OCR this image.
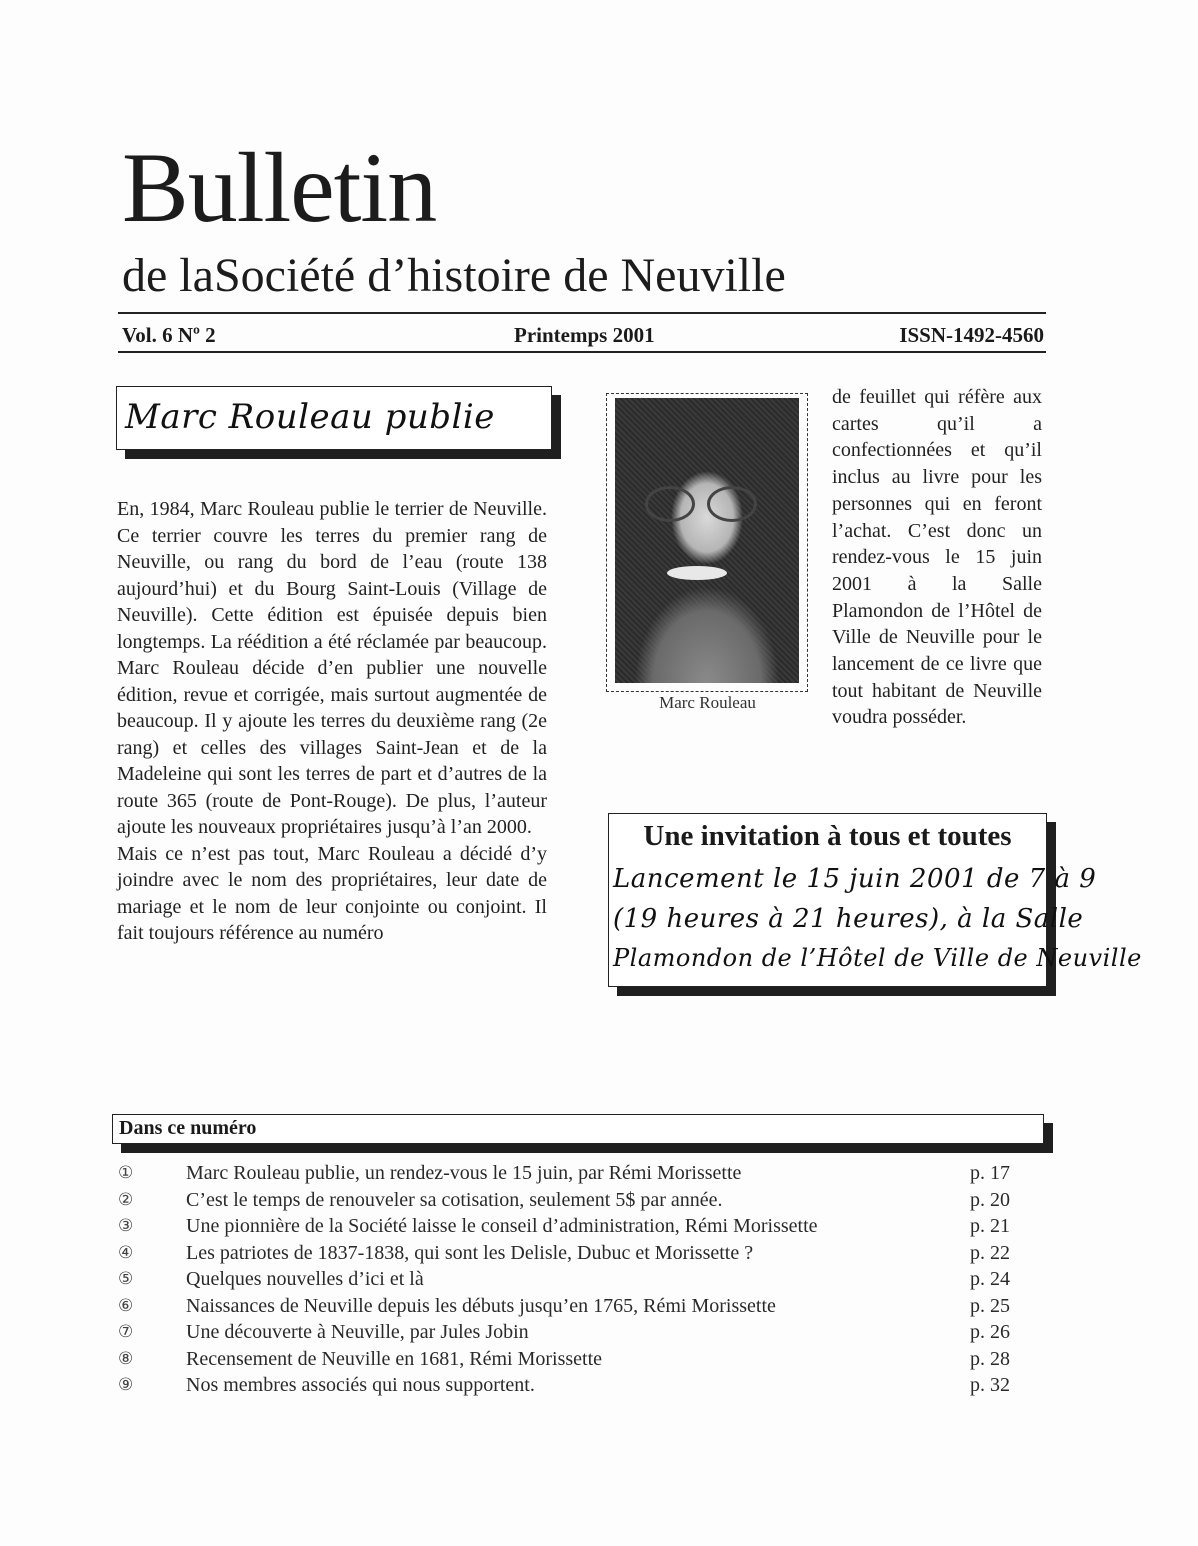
Bulletin
de laSociété d’histoire de Neuville
Vol. 6 Nº 2	Printemps 2001	ISSN-1492-4560
Marc Rouleau publie

En, 1984, Marc Rouleau publie le terrier de Neuville. Ce terrier couvre les terres du premier rang de Neuville, ou rang du bord de l’eau (route 138 aujourd’hui) et du Bourg Saint-Louis (Village de Neuville). Cette édition est épuisée depuis bien longtemps. La réédition a été réclamée par beaucoup. Marc Rouleau décide d’en publier une nouvelle édition, revue et corrigée, mais surtout augmentée de beaucoup. Il y ajoute les terres du deuxième rang (2e rang) et celles des villages Saint-Jean et de la Madeleine qui sont les terres de part et d’autres de la route 365 (route de Pont-Rouge). De plus, l’auteur ajoute les nouveaux propriétaires jusqu’à l’an 2000.

Mais ce n’est pas tout, Marc Rouleau a décidé d’y joindre avec le nom des propriétaires, leur date de mariage et le nom de leur conjointe ou conjoint. Il fait toujours référence au numéro

Marc Rouleau
de feuillet qui réfère aux cartes qu’il a confectionnées et qu’il inclus au livre pour les personnes qui en feront l’achat. C’est donc un rendez-vous le 15 juin 2001 à la Salle Plamondon de l’Hôtel de Ville de Neuville pour le lancement de ce livre que tout habitant de Neuville voudra posséder.
Une invitation à tous et toutes
Lancement le 15 juin 2001 de 7 à 9
(19 heures à 21 heures), à la Salle
Plamondon de l’Hôtel de Ville de Neuville
Dans ce numéro
①	Marc Rouleau publie, un rendez-vous le 15 juin, par Rémi Morissette	p. 17
②	C’est le temps de renouveler sa cotisation, seulement 5$ par année.	p. 20
③	Une pionnière de la Société laisse le conseil d’administration, Rémi Morissette	p. 21
④	Les patriotes de 1837-1838, qui sont les Delisle, Dubuc et Morissette ?	p. 22
⑤	Quelques nouvelles d’ici et là	p. 24
⑥	Naissances de Neuville depuis les débuts jusqu’en 1765, Rémi Morissette	p. 25
⑦	Une découverte à Neuville, par Jules Jobin	p. 26
⑧	Recensement de Neuville en 1681, Rémi Morissette	p. 28
⑨	Nos membres associés qui nous supportent.	p. 32
